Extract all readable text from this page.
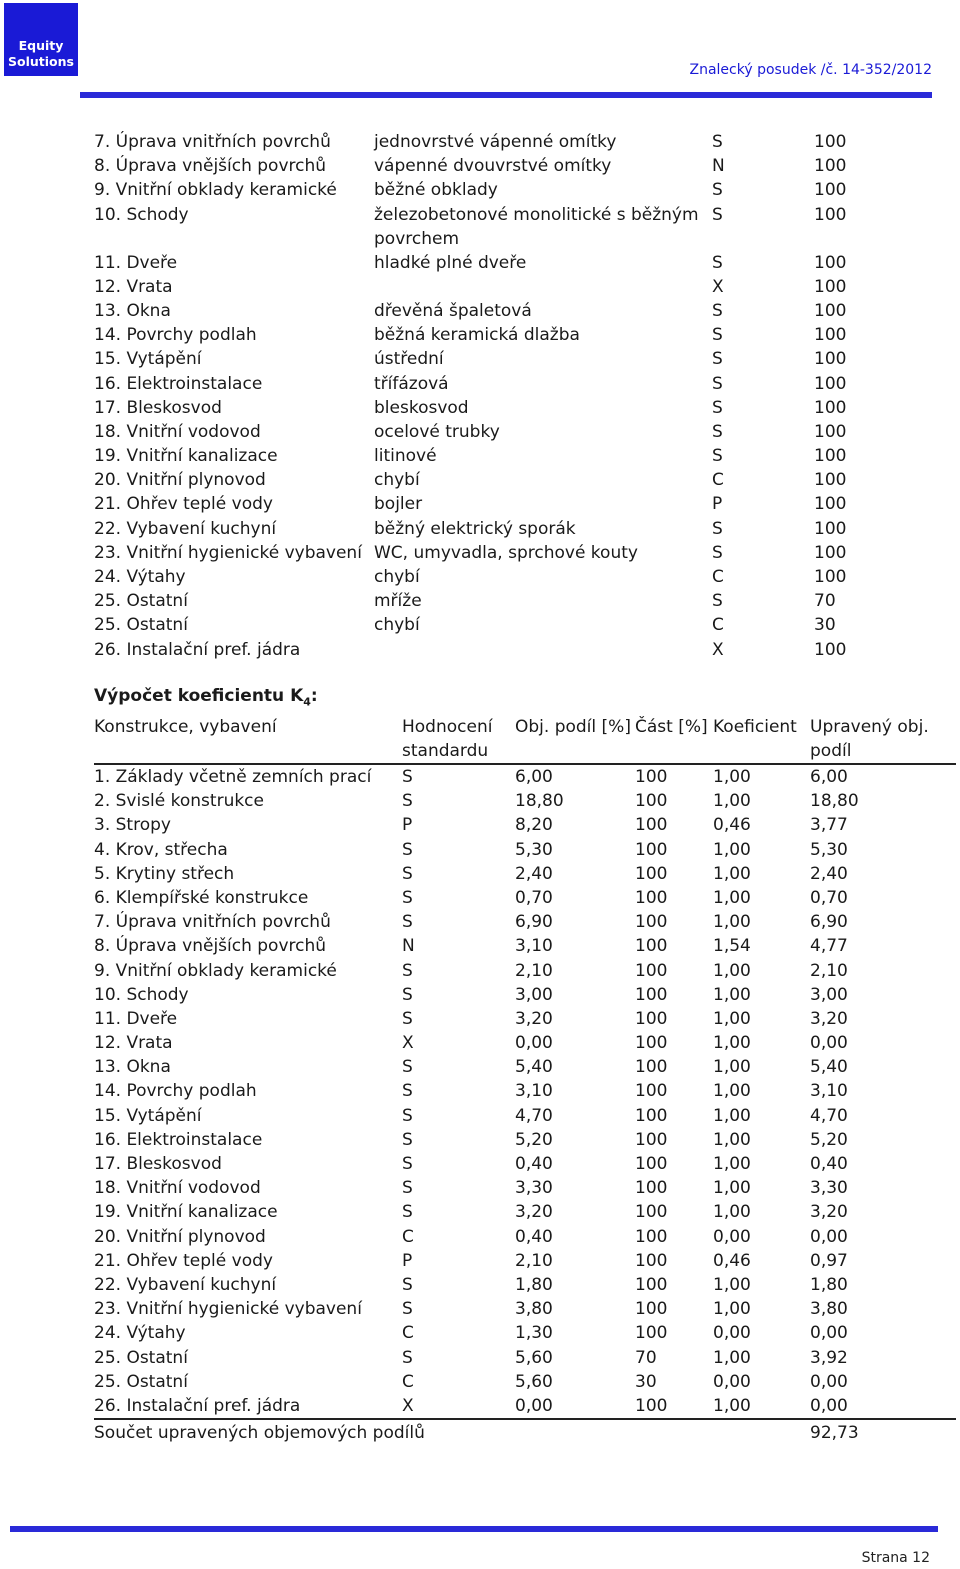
Equity
Solutions
Znalecký posudek /č. 14-352/2012
7. Úprava vnitřních povrchů	jednovrstvé vápenné omítky	S	100
8. Úprava vnějších povrchů	vápenné dvouvrstvé omítky	N	100
9. Vnitřní obklady keramické	běžné obklady	S	100
10. Schody	železobetonové monolitické s běžným povrchem	S	100
11. Dveře	hladké plné dveře	S	100
12. Vrata		X	100
13. Okna	dřevěná špaletová	S	100
14. Povrchy podlah	běžná keramická dlažba	S	100
15. Vytápění	ústřední	S	100
16. Elektroinstalace	třífázová	S	100
17. Bleskosvod	bleskosvod	S	100
18. Vnitřní vodovod	ocelové trubky	S	100
19. Vnitřní kanalizace	litinové	S	100
20. Vnitřní plynovod	chybí	C	100
21. Ohřev teplé vody	bojler	P	100
22. Vybavení kuchyní	běžný elektrický sporák	S	100
23. Vnitřní hygienické vybavení	WC, umyvadla, sprchové kouty	S	100
24. Výtahy	chybí	C	100
25. Ostatní	mříže	S	70
25. Ostatní	chybí	C	30
26. Instalační pref. jádra		X	100
Výpočet koeficientu $K_4$:
Konstrukce, vybavení	Hodnocení standardu	Obj. podíl [%]	Část [%]	Koeficient	Upravený obj. podíl
1. Základy včetně zemních prací	S	6,00	100	1,00	6,00
2. Svislé konstrukce	S	18,80	100	1,00	18,80
3. Stropy	P	8,20	100	0,46	3,77
4. Krov, střecha	S	5,30	100	1,00	5,30
5. Krytiny střech	S	2,40	100	1,00	2,40
6. Klempířské konstrukce	S	0,70	100	1,00	0,70
7. Úprava vnitřních povrchů	S	6,90	100	1,00	6,90
8. Úprava vnějších povrchů	N	3,10	100	1,54	4,77
9. Vnitřní obklady keramické	S	2,10	100	1,00	2,10
10. Schody	S	3,00	100	1,00	3,00
11. Dveře	S	3,20	100	1,00	3,20
12. Vrata	X	0,00	100	1,00	0,00
13. Okna	S	5,40	100	1,00	5,40
14. Povrchy podlah	S	3,10	100	1,00	3,10
15. Vytápění	S	4,70	100	1,00	4,70
16. Elektroinstalace	S	5,20	100	1,00	5,20
17. Bleskosvod	S	0,40	100	1,00	0,40
18. Vnitřní vodovod	S	3,30	100	1,00	3,30
19. Vnitřní kanalizace	S	3,20	100	1,00	3,20
20. Vnitřní plynovod	C	0,40	100	0,00	0,00
21. Ohřev teplé vody	P	2,10	100	0,46	0,97
22. Vybavení kuchyní	S	1,80	100	1,00	1,80
23. Vnitřní hygienické vybavení	S	3,80	100	1,00	3,80
24. Výtahy	C	1,30	100	0,00	0,00
25. Ostatní	S	5,60	70	1,00	3,92
25. Ostatní	C	5,60	30	0,00	0,00
26. Instalační pref. jádra	X	0,00	100	1,00	0,00
Součet upravených objemových podílů					92,73
Strana 12
